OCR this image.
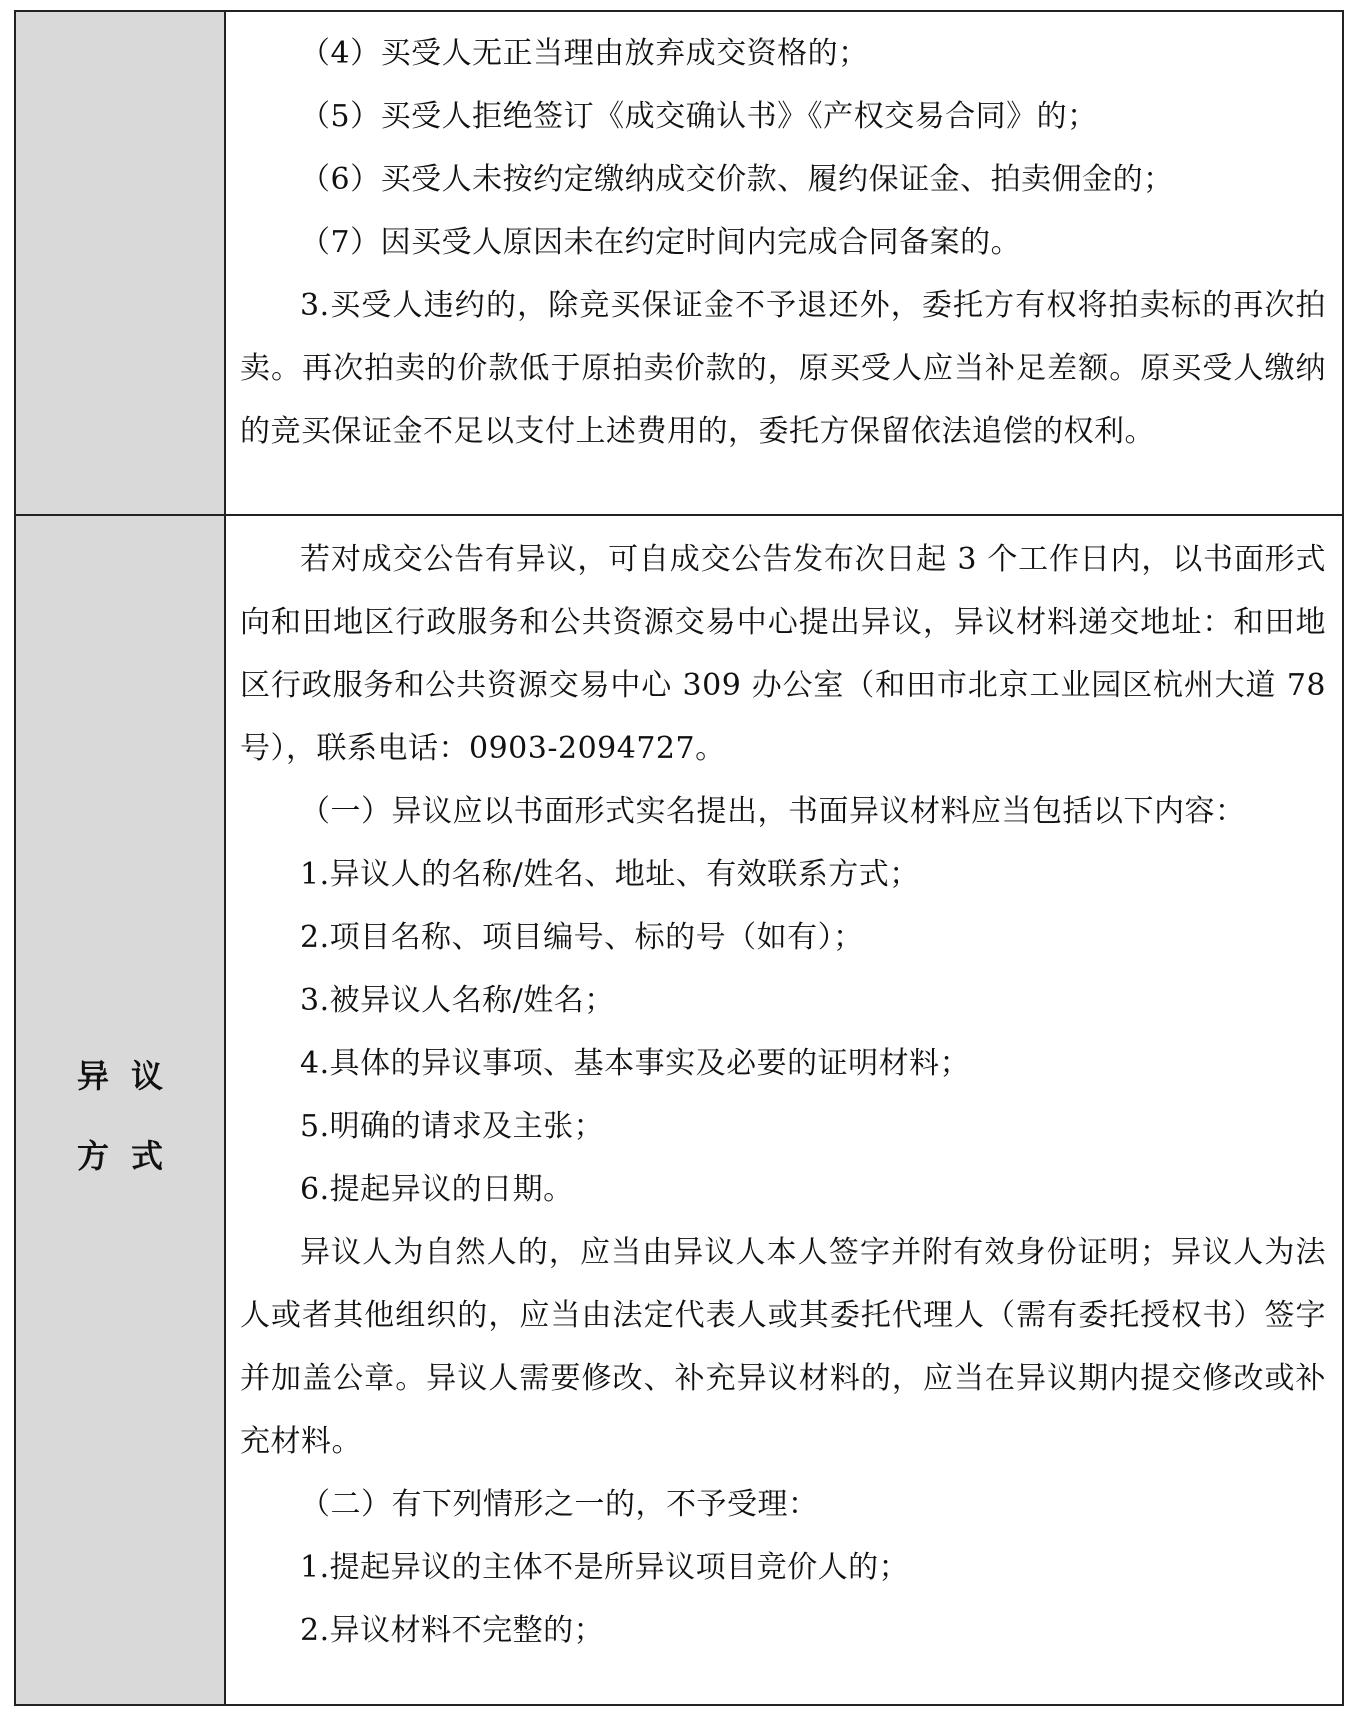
（4）买受人无正当理由放弃成交资格的；

（5）买受人拒绝签订《成交确认书》《产权交易合同》的；

（6）买受人未按约定缴纳成交价款、履约保证金、拍卖佣金的；

（7）因买受人原因未在约定时间内完成合同备案的。

3.买受人违约的，除竞买保证金不予退还外，委托方有权将拍卖标的再次拍卖。再次拍卖的价款低于原拍卖价款的，原买受人应当补足差额。原买受人缴纳的竞买保证金不足以支付上述费用的，委托方保留依法追偿的权利。

异议
方式

若对成交公告有异议，可自成交公告发布次日起 3 个工作日内，以书面形式向和田地区行政服务和公共资源交易中心提出异议，异议材料递交地址：和田地区行政服务和公共资源交易中心 309 办公室（和田市北京工业园区杭州大道 78 号），联系电话：0903-2094727。

（一）异议应以书面形式实名提出，书面异议材料应当包括以下内容：

1.异议人的名称/姓名、地址、有效联系方式；

2.项目名称、项目编号、标的号（如有）；

3.被异议人名称/姓名；

4.具体的异议事项、基本事实及必要的证明材料；

5.明确的请求及主张；

6.提起异议的日期。

异议人为自然人的，应当由异议人本人签字并附有效身份证明；异议人为法人或者其他组织的，应当由法定代表人或其委托代理人（需有委托授权书）签字并加盖公章。异议人需要修改、补充异议材料的，应当在异议期内提交修改或补充材料。

（二）有下列情形之一的，不予受理：

1.提起异议的主体不是所异议项目竞价人的；

2.异议材料不完整的；
